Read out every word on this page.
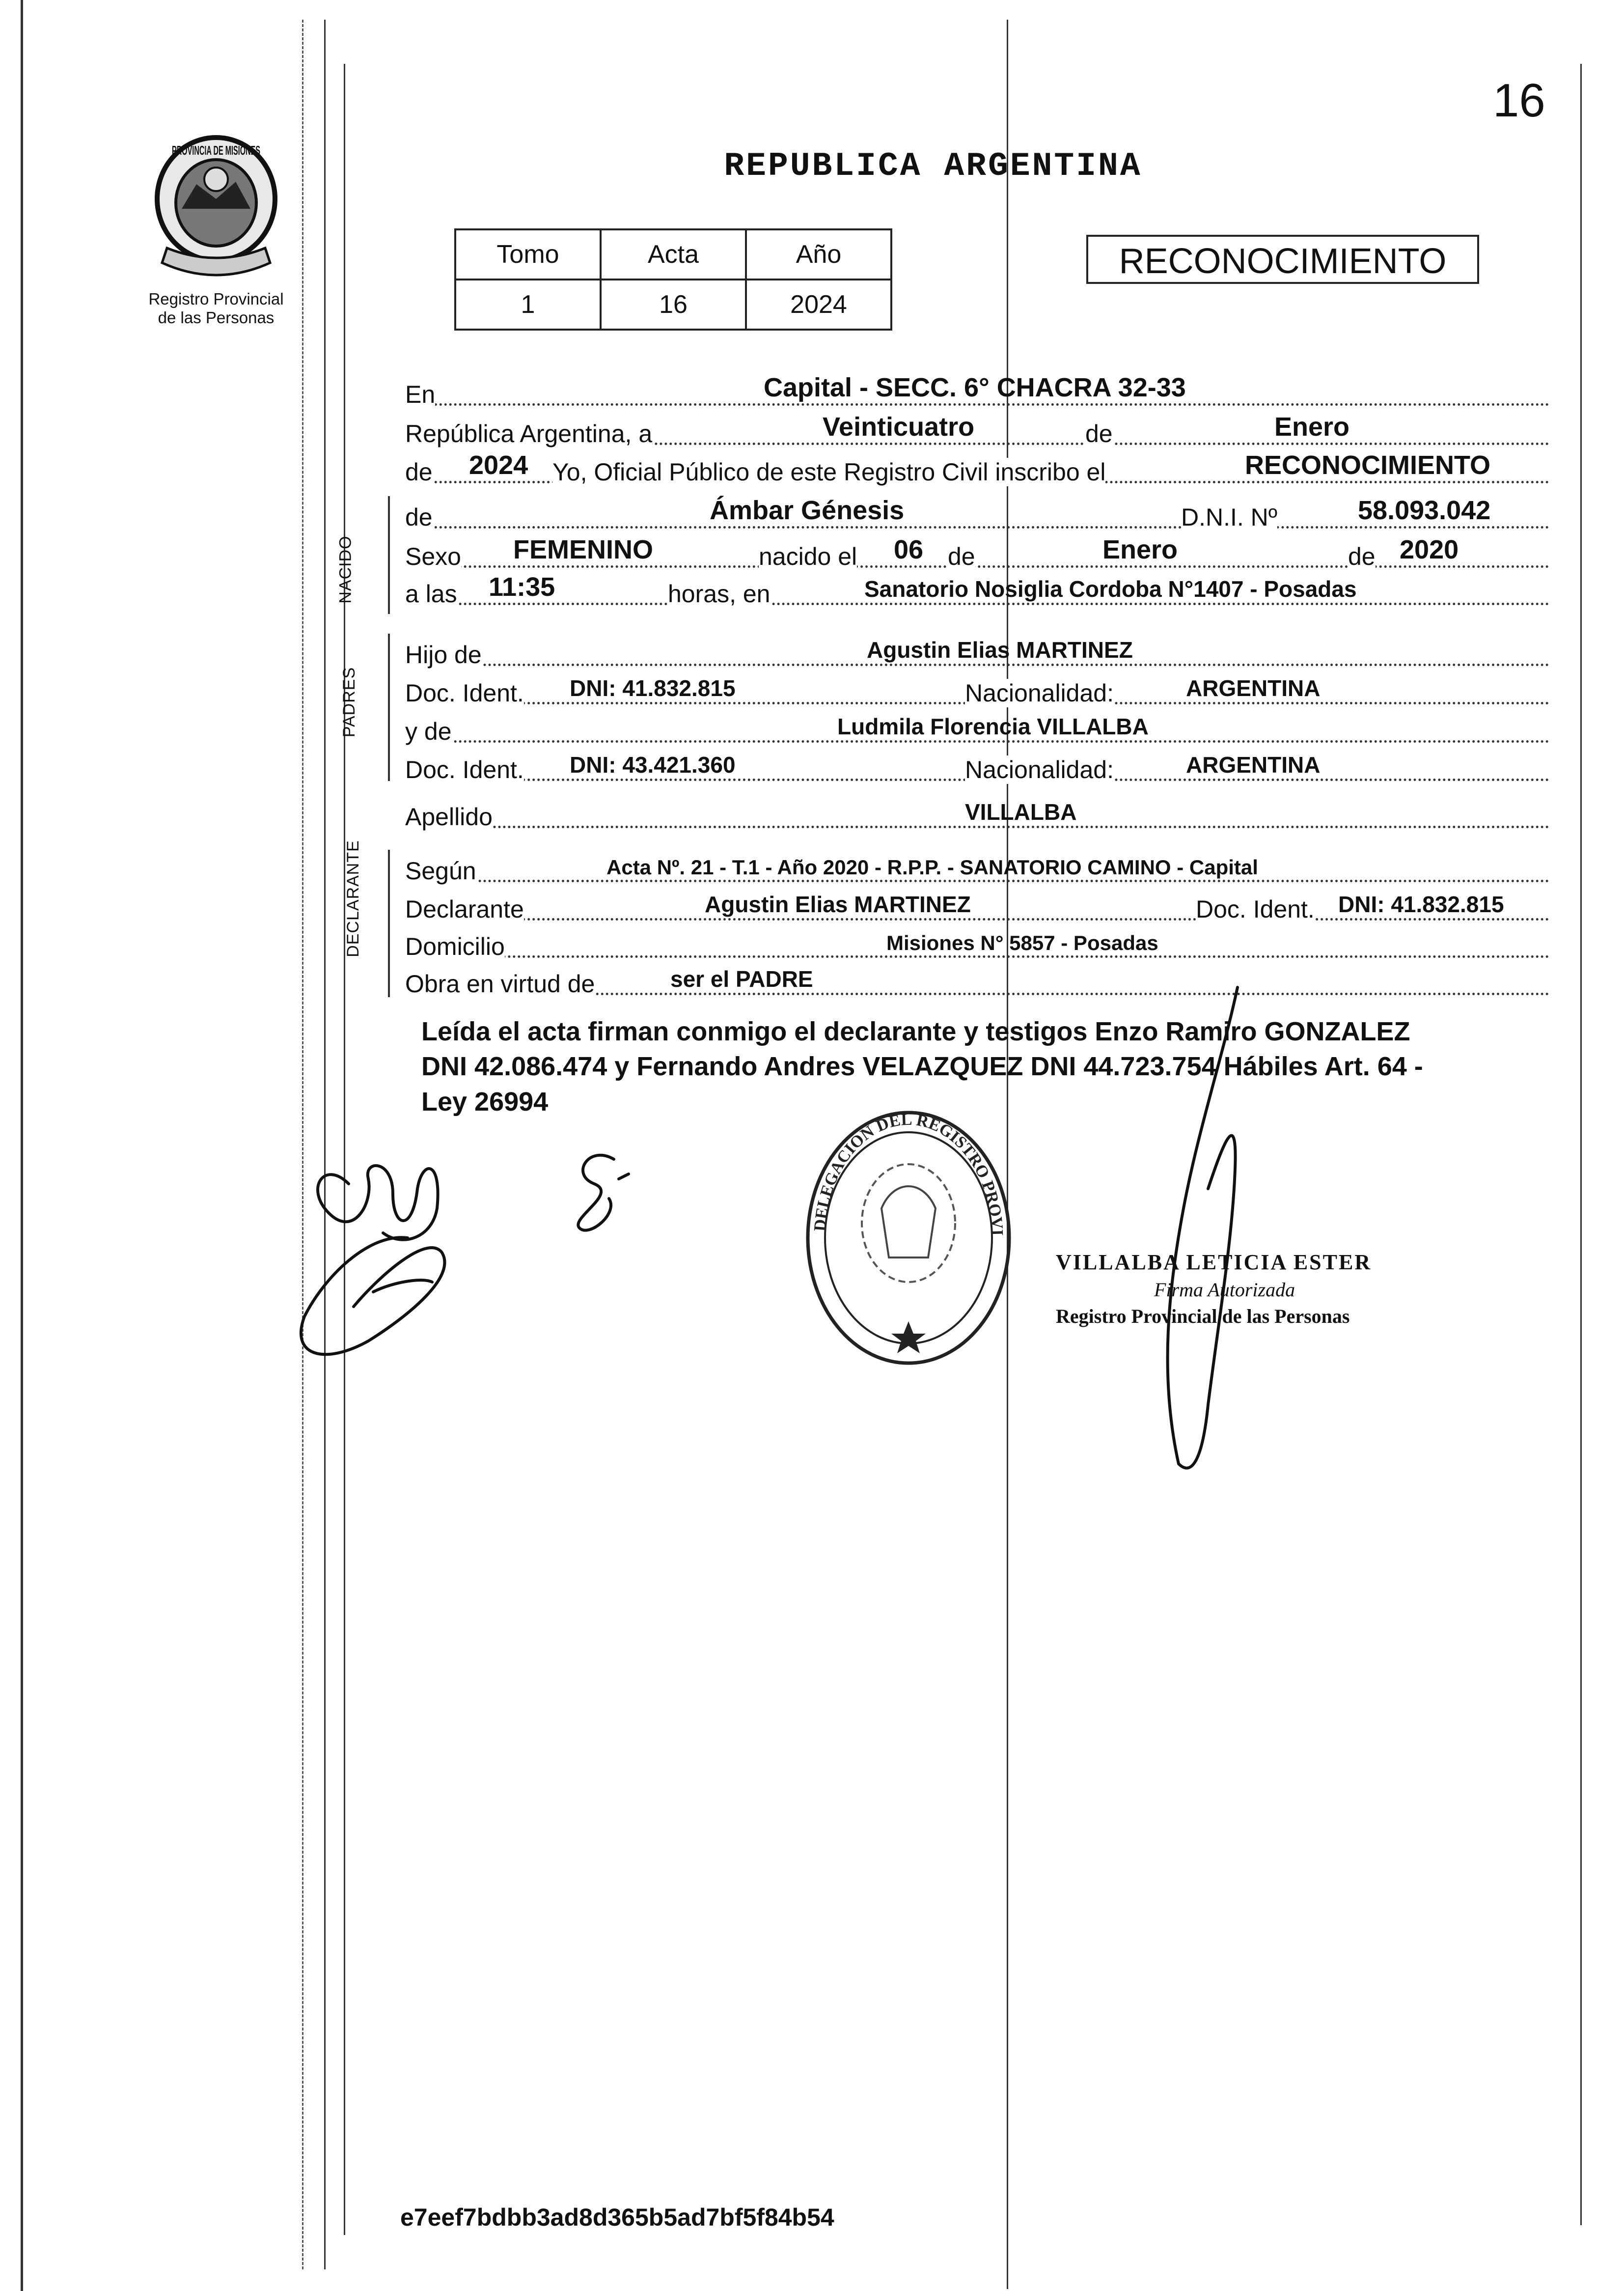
16
PROVINCIA DE MISIONES
Registro Provincial
de las Personas
REPUBLICA ARGENTINA
Tomo	Acta	Año
1	16	2024
RECONOCIMIENTO
En	Capital - SECC. 6° CHACRA 32-33
República Argentina, a	Veinticuatro	de	Enero
de 2024 Yo, Oficial Público de este Registro Civil inscribo el	RECONOCIMIENTO
NACIDO
de	Ámbar Génesis	D.N.I. Nº	58.093.042
Sexo FEMENINO	nacido el 06 de	Enero	de 2020
a las 11:35	horas, en	Sanatorio Nosiglia Cordoba N°1407 - Posadas
PADRES
Hijo de	Agustin Elias MARTINEZ
Doc. Ident. DNI: 41.832.815	Nacionalidad:	ARGENTINA
y de	Ludmila Florencia VILLALBA
Doc. Ident. DNI: 43.421.360	Nacionalidad:	ARGENTINA
Apellido	VILLALBA
DECLARANTE Según	Acta Nº. 21 - T.1 - Año 2020 - R.P.P. - SANATORIO CAMINO - Capital
Declarante	Agustin Elias MARTINEZ	Doc. Ident. DNI: 41.832.815
Domicilio	Misiones N° 5857 - Posadas
Obra en virtud de	ser el PADRE
Leída el acta firman conmigo el declarante y testigos Enzo Ramiro GONZALEZ
DNI 42.086.474 y Fernando Andres VELAZQUEZ DNI 44.723.754 Hábiles Art. 64 -
Ley 26994
DELEGACION DEL REGISTRO PROVI
VILLALBA LETICIA ESTER
Firma Autorizada
Registro Provincial de las Personas
e7eef7bdbb3ad8d365b5ad7bf5f84b54
